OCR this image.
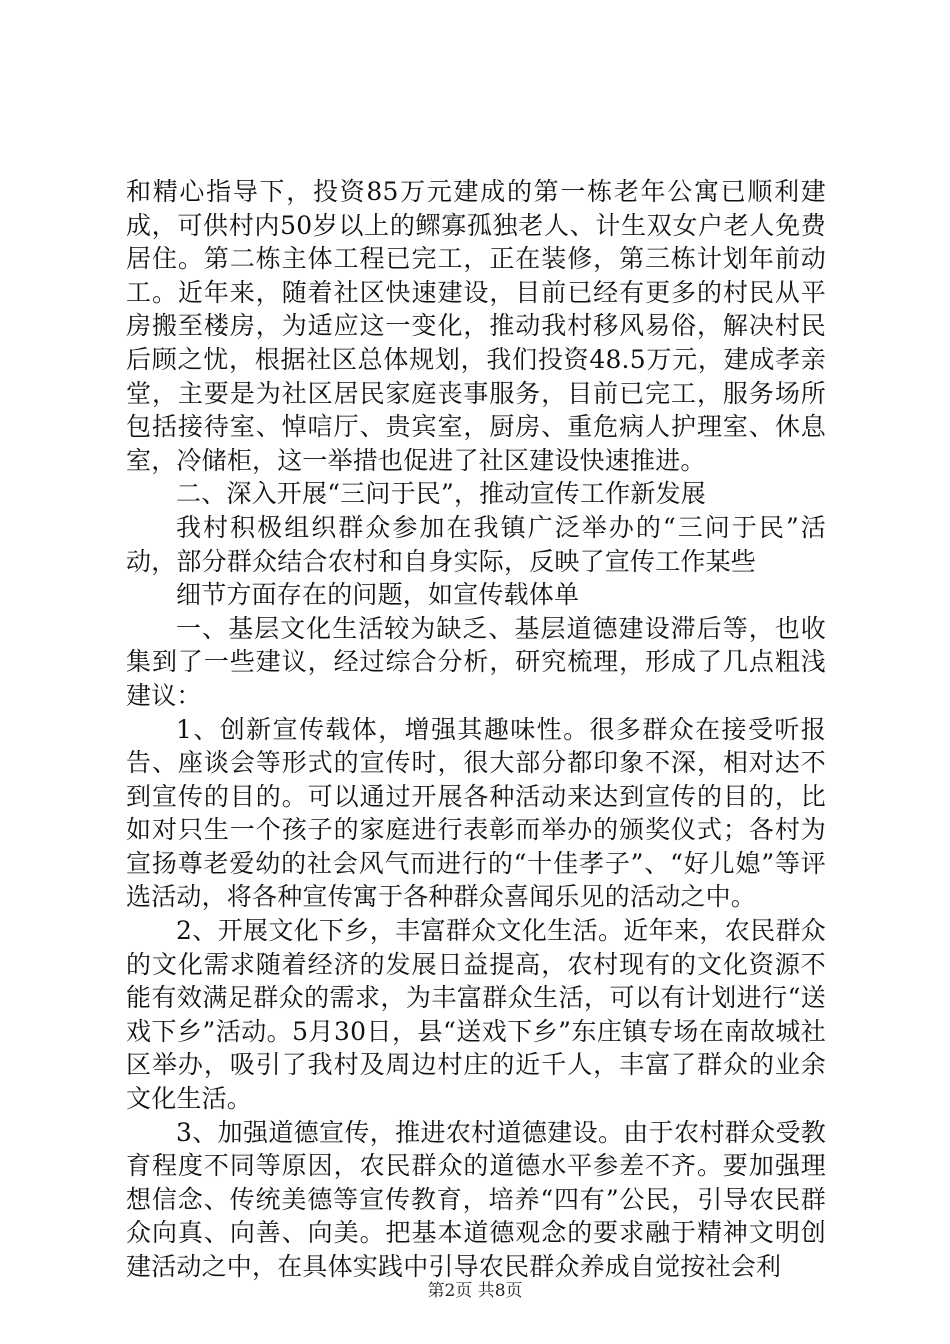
和精心指导下，投资85万元建成的第一栋老年公寓已顺利建成，可供村内50岁以上的鳏寡孤独老人、计生双女户老人免费居住。第二栋主体工程已完工，正在装修，第三栋计划年前动工。近年来，随着社区快速建设，目前已经有更多的村民从平房搬至楼房，为适应这一变化，推动我村移风易俗，解决村民后顾之忧，根据社区总体规划，我们投资48.5万元，建成孝亲堂，主要是为社区居民家庭丧事服务，目前已完工，服务场所包括接待室、悼唁厅、贵宾室，厨房、重危病人护理室、休息室，冷储柜，这一举措也促进了社区建设快速推进。

二、深入开展“三问于民”，推动宣传工作新发展

我村积极组织群众参加在我镇广泛举办的“三问于民”活动，部分群众结合农村和自身实际，反映了宣传工作某些

细节方面存在的问题，如宣传载体单

一、基层文化生活较为缺乏、基层道德建设滞后等，也收集到了一些建议，经过综合分析，研究梳理，形成了几点粗浅建议：

1、创新宣传载体，增强其趣味性。很多群众在接受听报告、座谈会等形式的宣传时，很大部分都印象不深，相对达不到宣传的目的。可以通过开展各种活动来达到宣传的目的，比如对只生一个孩子的家庭进行表彰而举办的颁奖仪式；各村为宣扬尊老爱幼的社会风气而进行的“十佳孝子”、“好儿媳”等评选活动，将各种宣传寓于各种群众喜闻乐见的活动之中。

2、开展文化下乡，丰富群众文化生活。近年来，农民群众的文化需求随着经济的发展日益提高，农村现有的文化资源不能有效满足群众的需求，为丰富群众生活，可以有计划进行“送戏下乡”活动。5月30日，县“送戏下乡”东庄镇专场在南故城社区举办，吸引了我村及周边村庄的近千人，丰富了群众的业余文化生活。

3、加强道德宣传，推进农村道德建设。由于农村群众受教育程度不同等原因，农民群众的道德水平参差不齐。要加强理想信念、传统美德等宣传教育，培养“四有”公民，引导农民群众向真、向善、向美。把基本道德观念的要求融于精神文明创建活动之中，在具体实践中引导农民群众养成自觉按社会利

第2页 共8页
